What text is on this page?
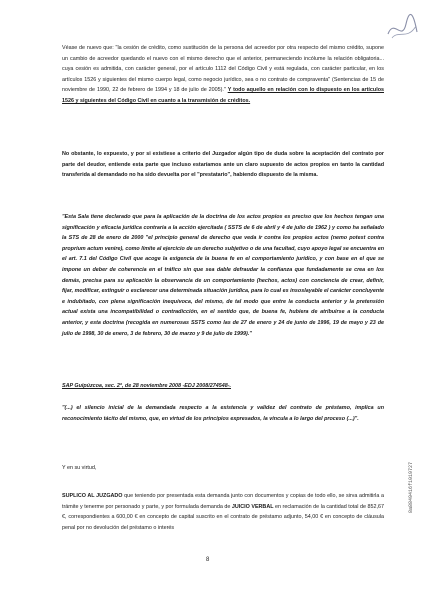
Véase de nuevo que: "la cesión de crédito, como sustitución de la persona del acreedor por otra respecto del mismo crédito, supone un cambio de acreedor quedando el nuevo con el mismo derecho que el anterior, permaneciendo incólume la relación obligatoria... cuya cesión es admitida, con carácter general, por el artículo 1112 del Código Civil y está regulada, con carácter particular, en los artículos 1526 y siguientes del mismo cuerpo legal, como negocio jurídico, sea o no contrato de compraventa" (Sentencias de 15 de noviembre de 1990, 22 de febrero de 1994 y 18 de julio de 2005)." Y todo aquello en relación con lo dispuesto en los artículos 1526 y siguientes del Código Civil en cuanto a la transmisión de créditos.

No obstante, lo expuesto, y por si existiese a criterio del Juzgador algún tipo de duda sobre la aceptación del contrato por parte del deudor, entiende esta parte que incluso estaríamos ante un claro supuesto de actos propios en tanto la cantidad transferida al demandado no ha sido devuelta por el "prestatario", habiendo dispuesto de la misma.

"Esta Sala tiene declarado que para la aplicación de la doctrina de los actos propios es preciso que los hechos tengan una significación y eficacia jurídica contraria a la acción ejercitada ( SSTS de 6 de abril y 4 de julio de 1962 ) y como ha señalado la STS de 28 de enero de 2000 "el principio general de derecho que veda ir contra los propios actos (nemo potest contra proprium actum venire), como límite al ejercicio de un derecho subjetivo o de una facultad, cuyo apoyo legal se encuentra en el art. 7.1 del Código Civil que acoge la exigencia de la buena fe en el comportamiento jurídico, y con base en el que se impone un deber de coherencia en el tráfico sin que sea dable defraudar la confianza que fundadamente se crea en los demás, precisa para su aplicación la observancia de un comportamiento (hechos, actos) con conciencia de crear, definir, fijar, modificar, extinguir o esclarecer una determinada situación jurídica, para lo cual es insoslayable el carácter concluyente e indubitado, con plena significación inequívoca, del mismo, de tal modo que entre la conducta anterior y la pretensión actual exista una incompatibilidad o contradicción, en el sentido que, de buena fe, hubiera de atribuirse a la conducta anterior, y esta doctrina (recogida en numerosas SSTS como las de 27 de enero y 24 de junio de 1996, 19 de mayo y 23 de julio de 1998, 30 de enero, 3 de febrero, 30 de marzo y 9 de julio de 1999)."

SAP Guipúzcoa, sec. 2ª, de 28 noviembre 2008 -EDJ 2008/274548-.

"(...) el silencio inicial de la demandada respecto a la existencia y validez del contrato de préstamo, implica un reconocimiento tácito del mismo, que, en virtud de los principios expresados, la vincula a lo largo del proceso (...)".

Y en su virtud,

SUPLICO AL JUZGADO que teniendo por presentada esta demanda junto con documentos y copias de todo ello, se sirva admitirla a trámite y tenerme por personado y parte, y por formulada demanda de JUICIO VERBAL en reclamación de la cantidad total de 852,67 €, correspondientes a 600,00 € en concepto de capital suscrito en el contrato de préstamo adjunto, 54,00 € en concepto de cláusula penal por no devolución del préstamo o interés

8
8a8849416f1019727
